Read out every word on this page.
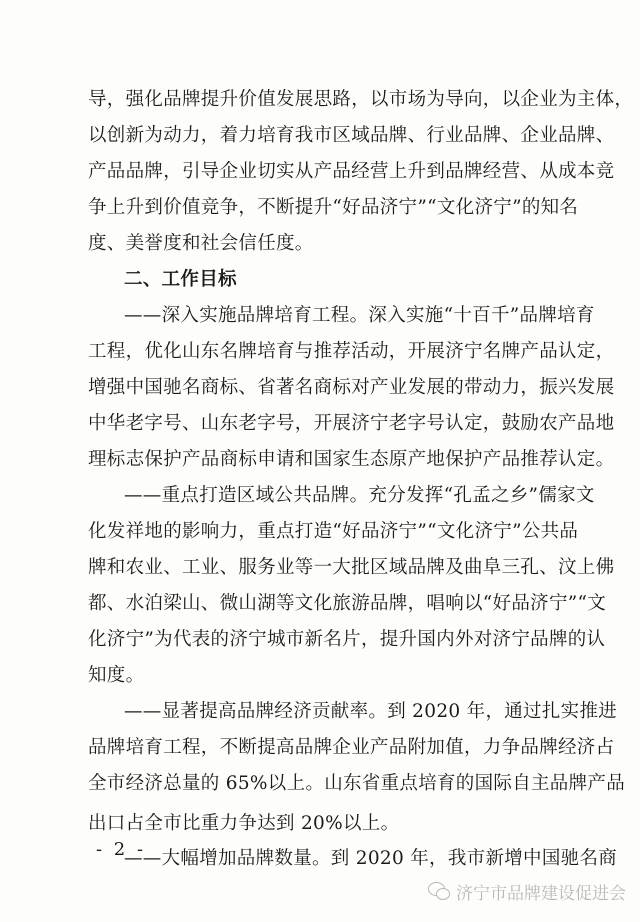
导，强化品牌提升价值发展思路，以市场为导向，以企业为主体，
以创新为动力，着力培育我市区域品牌、行业品牌、企业品牌、
产品品牌，引导企业切实从产品经营上升到品牌经营、从成本竞
争上升到价值竞争，不断提升“好品济宁”“文化济宁”的知名
度、美誉度和社会信任度。
二、工作目标
——深入实施品牌培育工程。深入实施“十百千”品牌培育
工程，优化山东名牌培育与推荐活动，开展济宁名牌产品认定，
增强中国驰名商标、省著名商标对产业发展的带动力，振兴发展
中华老字号、山东老字号，开展济宁老字号认定，鼓励农产品地
理标志保护产品商标申请和国家生态原产地保护产品推荐认定。
——重点打造区域公共品牌。充分发挥“孔孟之乡”儒家文
化发祥地的影响力，重点打造“好品济宁”“文化济宁”公共品
牌和农业、工业、服务业等一大批区域品牌及曲阜三孔、汶上佛
都、水泊梁山、微山湖等文化旅游品牌，唱响以“好品济宁”“文
化济宁”为代表的济宁城市新名片，提升国内外对济宁品牌的认
知度。
——显著提高品牌经济贡献率。到 2020 年，通过扎实推进
品牌培育工程，不断提高品牌企业产品附加值，力争品牌经济占
全市经济总量的 65%以上。山东省重点培育的国际自主品牌产品
出口占全市比重力争达到 20%以上。
——大幅增加品牌数量。到 2020 年，我市新增中国驰名商
- 2 -
济宁市品牌建设促进会
